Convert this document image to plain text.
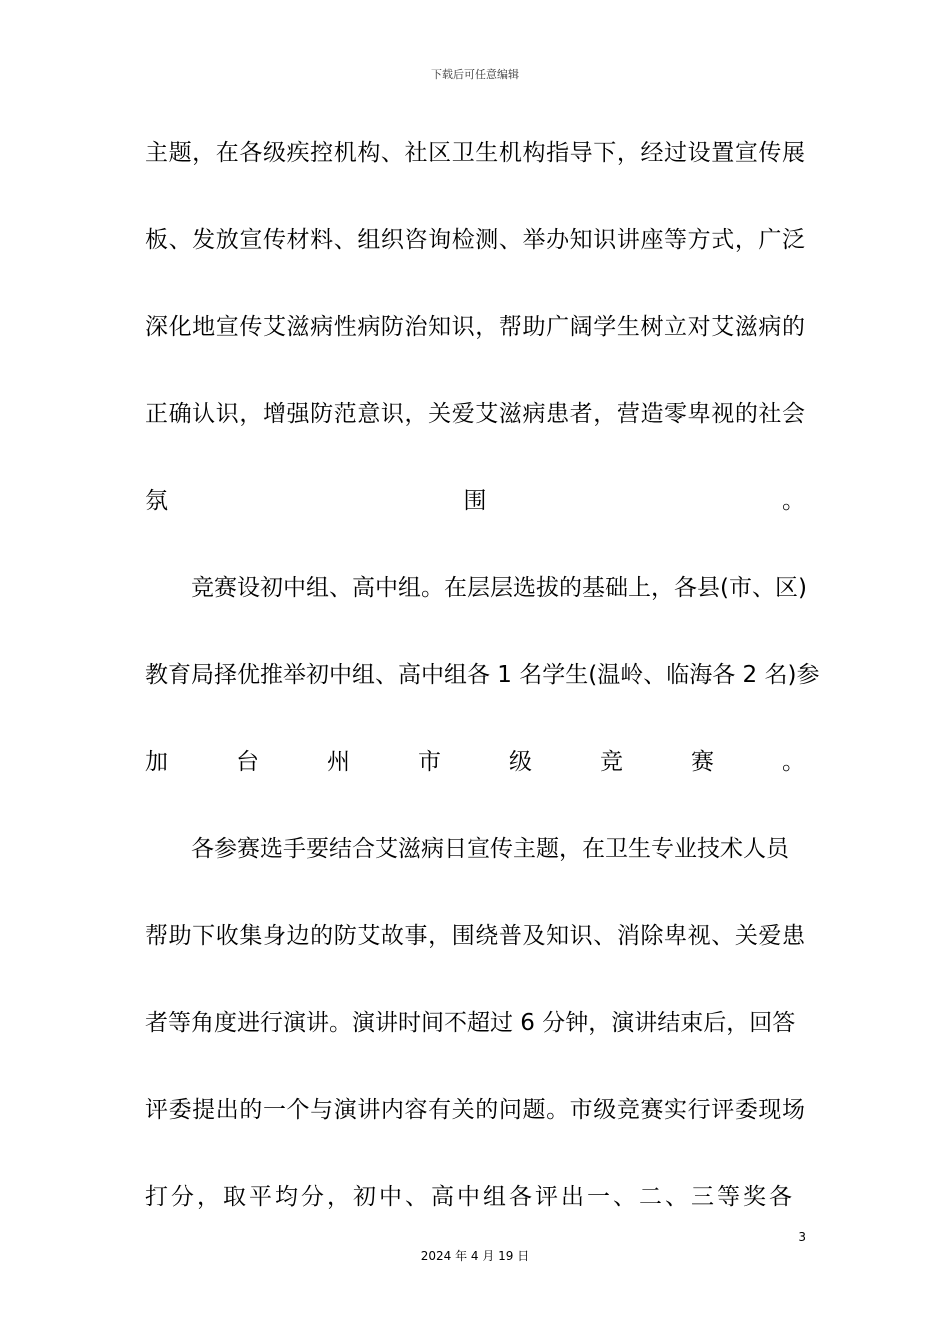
下载后可任意编辑
主题，在各级疾控机构、社区卫生机构指导下，经过设置宣传展
板、发放宣传材料、组织咨询检测、举办知识讲座等方式，广泛
深化地宣传艾滋病性病防治知识，帮助广阔学生树立对艾滋病的
正确认识，增强防范意识，关爱艾滋病患者，营造零卑视的社会
氛	围	。
竞赛设初中组、高中组。在层层选拔的基础上，各县(市、区)
教育局择优推举初中组、高中组各 1 名学生(温岭、临海各 2 名)参
加	台	州	市	级	竞	赛	。
各参赛选手要结合艾滋病日宣传主题，在卫生专业技术人员
帮助下收集身边的防艾故事，围绕普及知识、消除卑视、关爱患
者等角度进行演讲。演讲时间不超过 6 分钟，演讲结束后，回答
评委提出的一个与演讲内容有关的问题。市级竞赛实行评委现场
打分，取平均分，初中、高中组各评出一、二、三等奖各
3
2024 年 4 月 19 日
